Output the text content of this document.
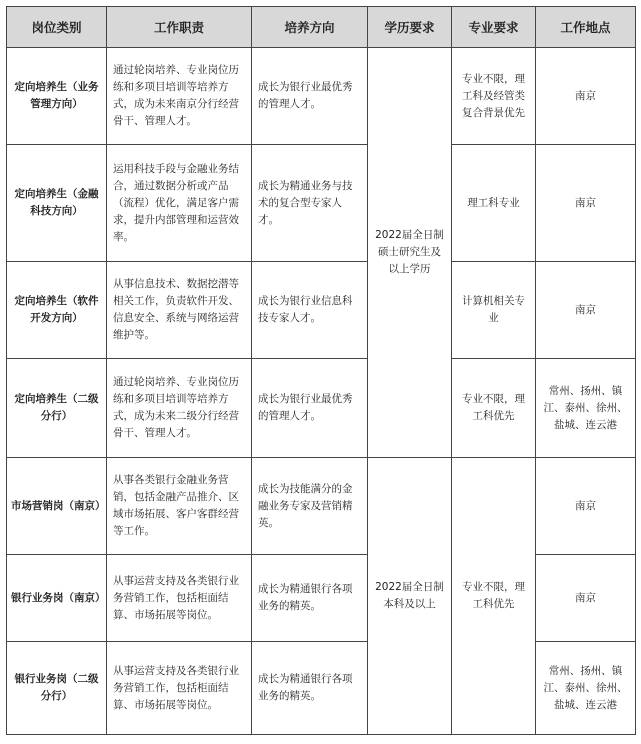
岗位类别	工作职责	培养方向	学历要求	专业要求	工作地点
定向培养生（业务管理方向）	通过轮岗培养、专业岗位历练和多项目培训等培养方式，成为未来南京分行经营骨干、管理人才。	成长为银行业最优秀的管理人才。	2022届全日制硕士研究生及以上学历	专业不限，理工科及经管类复合背景优先	南京
定向培养生（金融科技方向）	运用科技手段与金融业务结合，通过数据分析或产品（流程）优化，满足客户需求，提升内部管理和运营效率。	成长为精通业务与技术的复合型专家人才。		理工科专业	南京
定向培养生（软件开发方向）	从事信息技术、数据挖潜等相关工作，负责软件开发、信息安全、系统与网络运营维护等。	成长为银行业信息科技专家人才。		计算机相关专业	南京
定向培养生（二级分行）	通过轮岗培养、专业岗位历练和多项目培训等培养方式，成为未来二级分行经营骨干、管理人才。	成长为银行业最优秀的管理人才。		专业不限，理工科优先	常州、扬州、镇江、泰州、徐州、盐城、连云港
市场营销岗（南京）	从事各类银行金融业务营销，包括金融产品推介、区域市场拓展、客户客群经营等工作。	成长为技能满分的金融业务专家及营销精英。	2022届全日制本科及以上	专业不限，理工科优先	南京
银行业务岗（南京）	从事运营支持及各类银行业务营销工作，包括柜面结算、市场拓展等岗位。	成长为精通银行各项业务的精英。			南京
银行业务岗（二级分行）	从事运营支持及各类银行业务营销工作，包括柜面结算、市场拓展等岗位。	成长为精通银行各项业务的精英。			常州、扬州、镇江、泰州、徐州、盐城、连云港
